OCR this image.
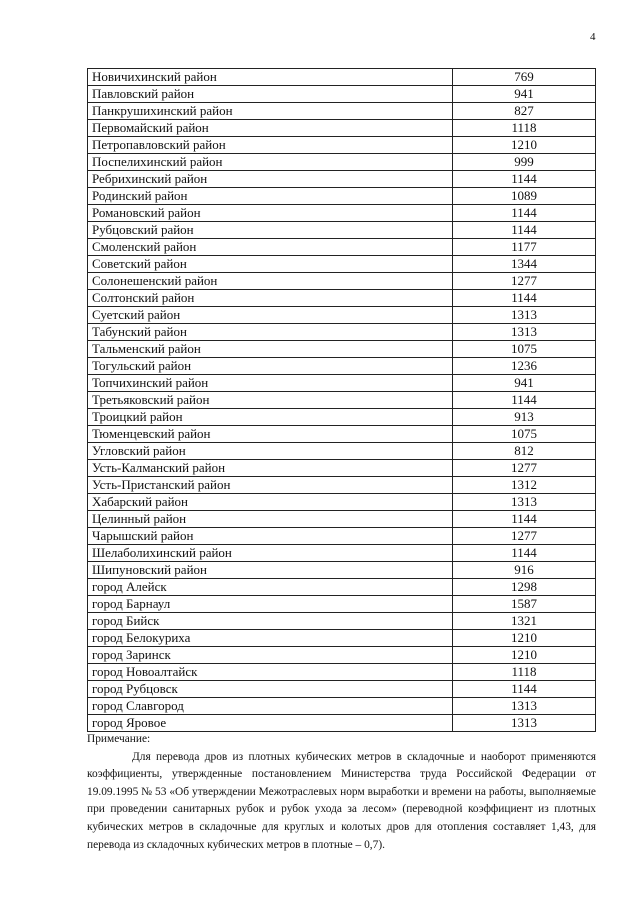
4
Новичихинский район	769
Павловский район	941
Панкрушихинский район	827
Первомайский район	1118
Петропавловский район	1210
Поспелихинский район	999
Ребрихинский район	1144
Родинский район	1089
Романовский район	1144
Рубцовский район	1144
Смоленский район	1177
Советский район	1344
Солонешенский район	1277
Солтонский район	1144
Суетский район	1313
Табунский район	1313
Тальменский район	1075
Тогульский район	1236
Топчихинский район	941
Третьяковский район	1144
Троицкий район	913
Тюменцевский район	1075
Угловский район	812
Усть-Калманский район	1277
Усть-Пристанский район	1312
Хабарский район	1313
Целинный район	1144
Чарышский район	1277
Шелаболихинский район	1144
Шипуновский район	916
город Алейск	1298
город Барнаул	1587
город Бийск	1321
город Белокуриха	1210
город Заринск	1210
город Новоалтайск	1118
город Рубцовск	1144
город Славгород	1313
город Яровое	1313

Примечание:

Для перевода дров из плотных кубических метров в складочные и наоборот применяются коэффициенты, утвержденные постановлением Министерства труда Российской Федерации от 19.09.1995 № 53 «Об утверждении Межотраслевых норм выработки и времени на работы, выполняемые при проведении санитарных рубок и рубок ухода за лесом» (переводной коэффициент из плотных кубических метров в складочные для круглых и колотых дров для отопления составляет 1,43, для перевода из складочных кубических метров в плотные – 0,7).
